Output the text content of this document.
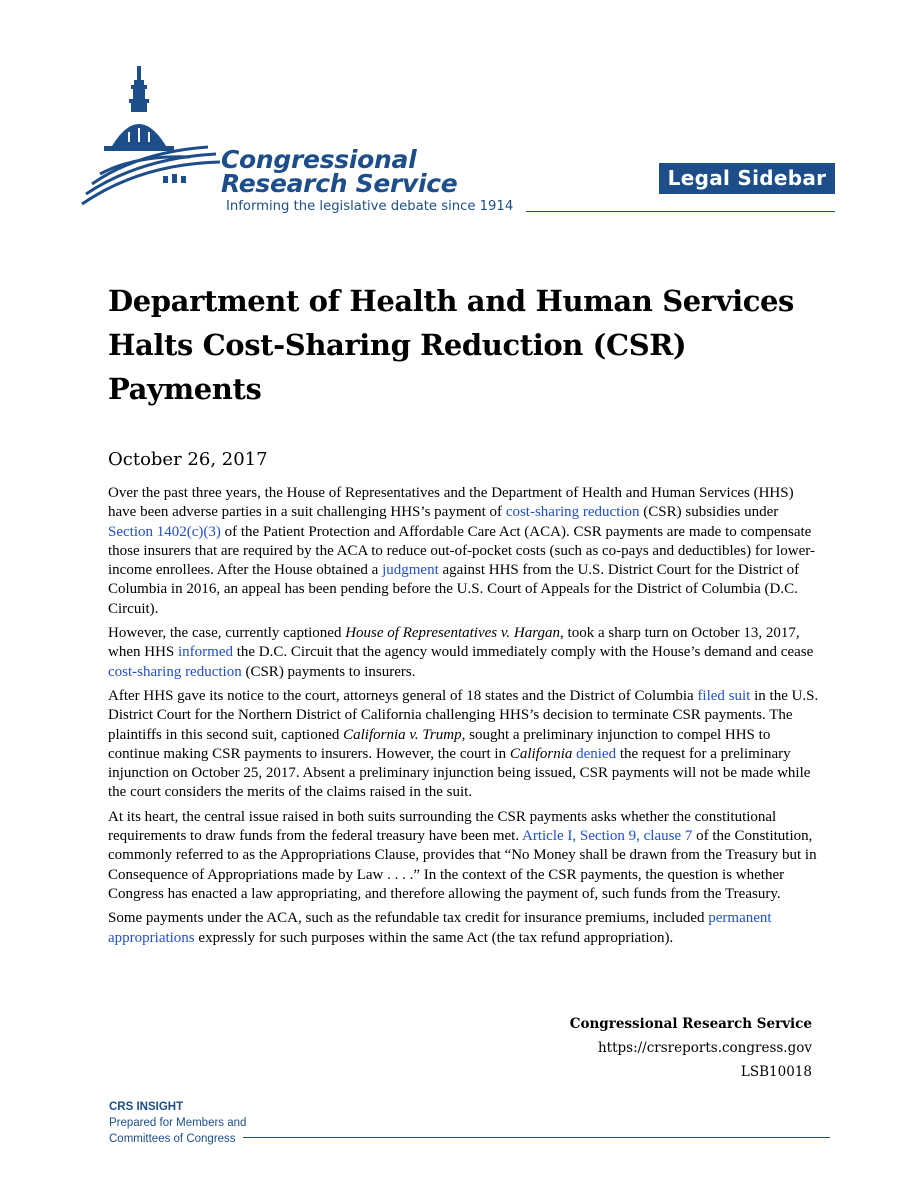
Congressional
Research Service
Informing the legislative debate since 1914
Legal Sidebar
Department of Health and Human Services Halts Cost-Sharing Reduction (CSR) Payments
October 26, 2017

Over the past three years, the House of Representatives and the Department of Health and Human Services (HHS) have been adverse parties in a suit challenging HHS’s payment of cost-sharing reduction (CSR) subsidies under Section 1402(c)(3) of the Patient Protection and Affordable Care Act (ACA). CSR payments are made to compensate those insurers that are required by the ACA to reduce out-of-pocket costs (such as co-pays and deductibles) for lower-income enrollees. After the House obtained a judgment against HHS from the U.S. District Court for the District of Columbia in 2016, an appeal has been pending before the U.S. Court of Appeals for the District of Columbia (D.C. Circuit).

However, the case, currently captioned House of Representatives v. Hargan, took a sharp turn on October 13, 2017, when HHS informed the D.C. Circuit that the agency would immediately comply with the House’s demand and cease cost-sharing reduction (CSR) payments to insurers.

After HHS gave its notice to the court, attorneys general of 18 states and the District of Columbia filed suit in the U.S. District Court for the Northern District of California challenging HHS’s decision to terminate CSR payments. The plaintiffs in this second suit, captioned California v. Trump, sought a preliminary injunction to compel HHS to continue making CSR payments to insurers. However, the court in California denied the request for a preliminary injunction on October 25, 2017. Absent a preliminary injunction being issued, CSR payments will not be made while the court considers the merits of the claims raised in the suit.

At its heart, the central issue raised in both suits surrounding the CSR payments asks whether the constitutional requirements to draw funds from the federal treasury have been met. Article I, Section 9, clause 7 of the Constitution, commonly referred to as the Appropriations Clause, provides that “No Money shall be drawn from the Treasury but in Consequence of Appropriations made by Law . . . .” In the context of the CSR payments, the question is whether Congress has enacted a law appropriating, and therefore allowing the payment of, such funds from the Treasury.

Some payments under the ACA, such as the refundable tax credit for insurance premiums, included permanent appropriations expressly for such purposes within the same Act (the tax refund appropriation).

Congressional Research Service
https://crsreports.congress.gov
LSB10018
CRS INSIGHT
Prepared for Members and
Committees of Congress
